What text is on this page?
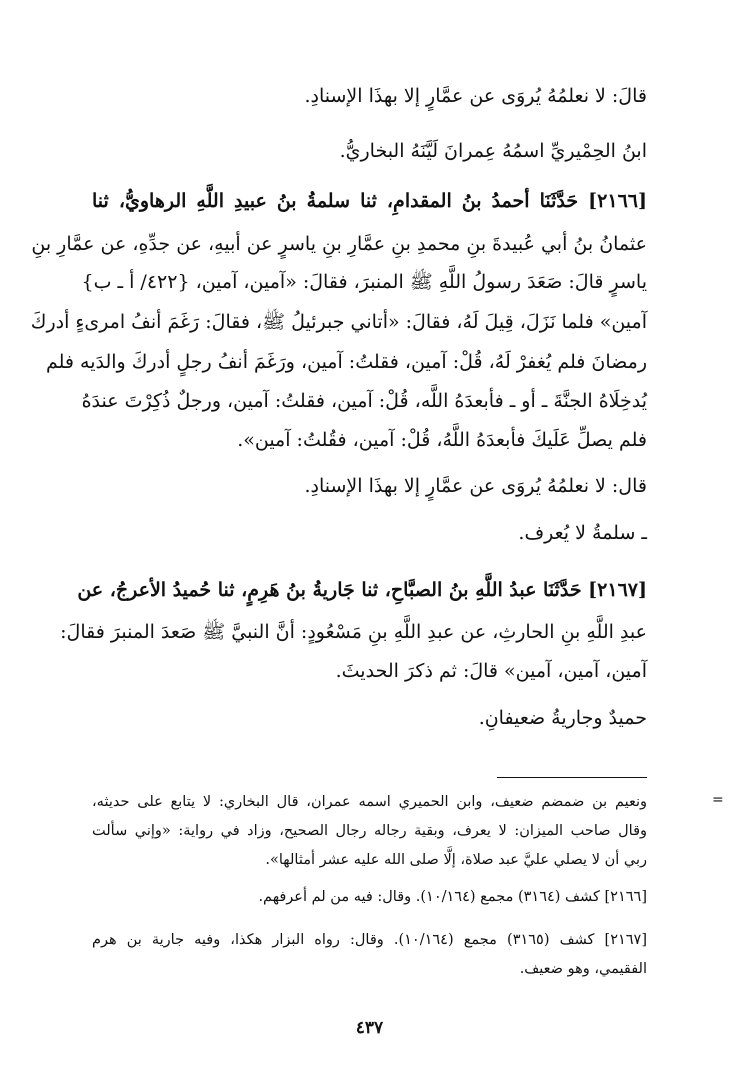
قالَ: لا نعلمُهُ يُروَى عن عمَّارٍ إلا بهذَا الإسنادِ.
ابنُ الحِمْيريِّ اسمُهُ عِمرانَ لَيَّنَهُ البخاريُّ.
[٢١٦٦] حَدَّثَنَا أحمدُ بنُ المقدامِ، ثنا سلمةُ بنُ عبيدِ اللَّهِ الرهاويُّ، ثنا
عثمانُ بنُ أبي عُبيدةَ بنِ محمدِ بنِ عمَّارِ بنِ ياسرٍ عن أبيهِ، عن جدِّهِ، عن عمَّارِ بنِ
ياسرٍ قالَ: صَعَدَ رسولُ اللَّهِ ﷺ المنبرَ، فقالَ: «آمين، آمين، {٤٢٢/ أ ـ ب}
آمين» فلما نَزَلَ، قِيلَ لَهُ، فقالَ: «أتاني جبرئيلُ ﷺ، فقالَ: رَغَمَ أنفُ امرىءٍ أدركَ
رمضانَ فلم يُغفرْ لَهُ، قُلْ: آمين، فقلتُ: آمين، ورَغَمَ أنفُ رجلٍ أدركَ والدَيه فلم
يُدخِلَاهُ الجنَّةَ ـ أو ـ فأبعدَهُ اللَّه، قُلْ: آمين، فقلتُ: آمين، ورجلٌ ذُكِرْتَ عندَهُ
فلم يصلِّ عَلَيكَ فأبعدَهُ اللَّهُ، قُلْ: آمين، فقُلتُ: آمين».
قال: لا نعلمُهُ يُروَى عن عمَّارٍ إلا بهذَا الإسنادِ.
ـ سلمةُ لا يُعرف.
[٢١٦٧] حَدَّثَنَا عبدُ اللَّهِ بنُ الصبَّاحِ، ثنا جَاريةُ بنُ هَرِمٍ، ثنا حُميدُ الأعرجُ، عن
عبدِ اللَّهِ بنِ الحارثِ، عن عبدِ اللَّهِ بنِ مَسْعُودٍ: أنَّ النبيَّ ﷺ صَعدَ المنبرَ فقالَ:
آمين، آمين، آمين» قالَ: ثم ذكرَ الحديثَ.
حميدٌ وجاريةُ ضعيفانِ.
=
ونعيم بن ضمضم ضعيف، وابن الحميري اسمه عمران، قال البخاري: لا يتابع على حديثه،
وقال صاحب الميزان: لا يعرف، وبقية رجاله رجال الصحيح، وزاد في رواية: «وإني سألت
ربي أن لا يصلي عليَّ عبد صلاة، إلَّا صلى الله عليه عشر أمثالها».
[٢١٦٦] كشف (٣١٦٤) مجمع (١٠/١٦٤). وقال: فيه من لم أعرفهم.
[٢١٦٧] كشف (٣١٦٥) مجمع (١٠/١٦٤). وقال: رواه البزار هكذا، وفيه جارية بن هرم
الفقيمي، وهو ضعيف.
٤٣٧
